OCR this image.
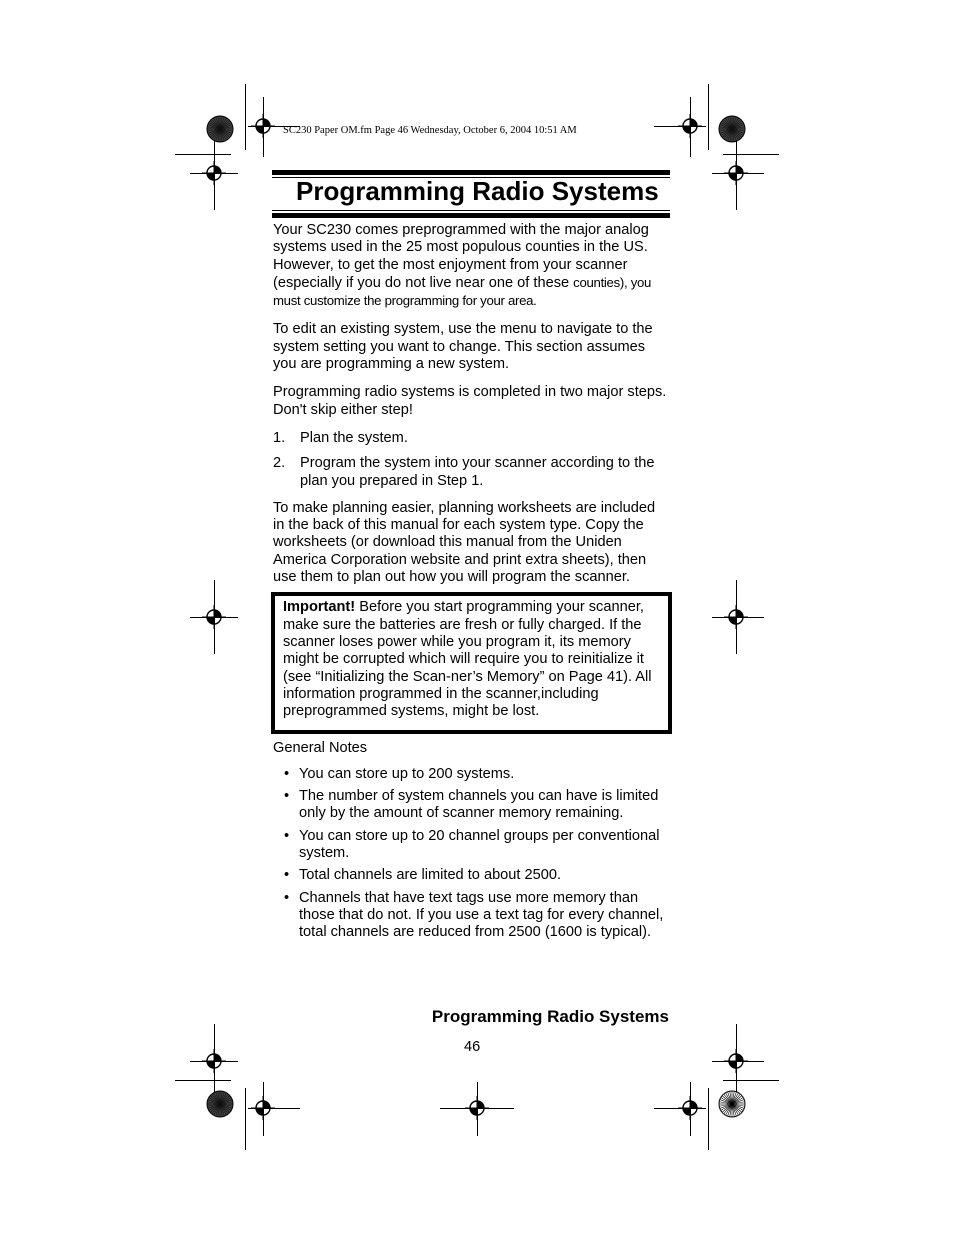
SC230 Paper OM.fm Page 46 Wednesday, October 6, 2004 10:51 AM
Programming Radio Systems

Your SC230 comes preprogrammed with the major analog systems used in the 25 most populous counties in the US. However, to get the most enjoyment from your scanner (especially if you do not live near one of these counties), you must customize the programming for your area.

To edit an existing system, use the menu to navigate to the system setting you want to change. This section assumes you are programming a new system.

Programming radio systems is completed in two major steps. Don't skip either step!

1. Plan the system.
2. Program the system into your scanner according to the plan you prepared in Step 1.

To make planning easier, planning worksheets are included in the back of this manual for each system type. Copy the worksheets (or download this manual from the Uniden America Corporation website and print extra sheets), then use them to plan out how you will program the scanner.

Important! Before you start programming your scanner, make sure the batteries are fresh or fully charged. If the scanner loses power while you program it, its memory might be corrupted which will require you to reinitialize it (see “Initializing the Scan-ner’s Memory” on Page 41). All information programmed in the scanner,including preprogrammed systems, might be lost.

General Notes

• You can store up to 200 systems.
• The number of system channels you can have is limited only by the amount of scanner memory remaining.
• You can store up to 20 channel groups per conventional system.
• Total channels are limited to about 2500.
• Channels that have text tags use more memory than those that do not. If you use a text tag for every channel, total channels are reduced from 2500 (1600 is typical).
Programming Radio Systems
46
